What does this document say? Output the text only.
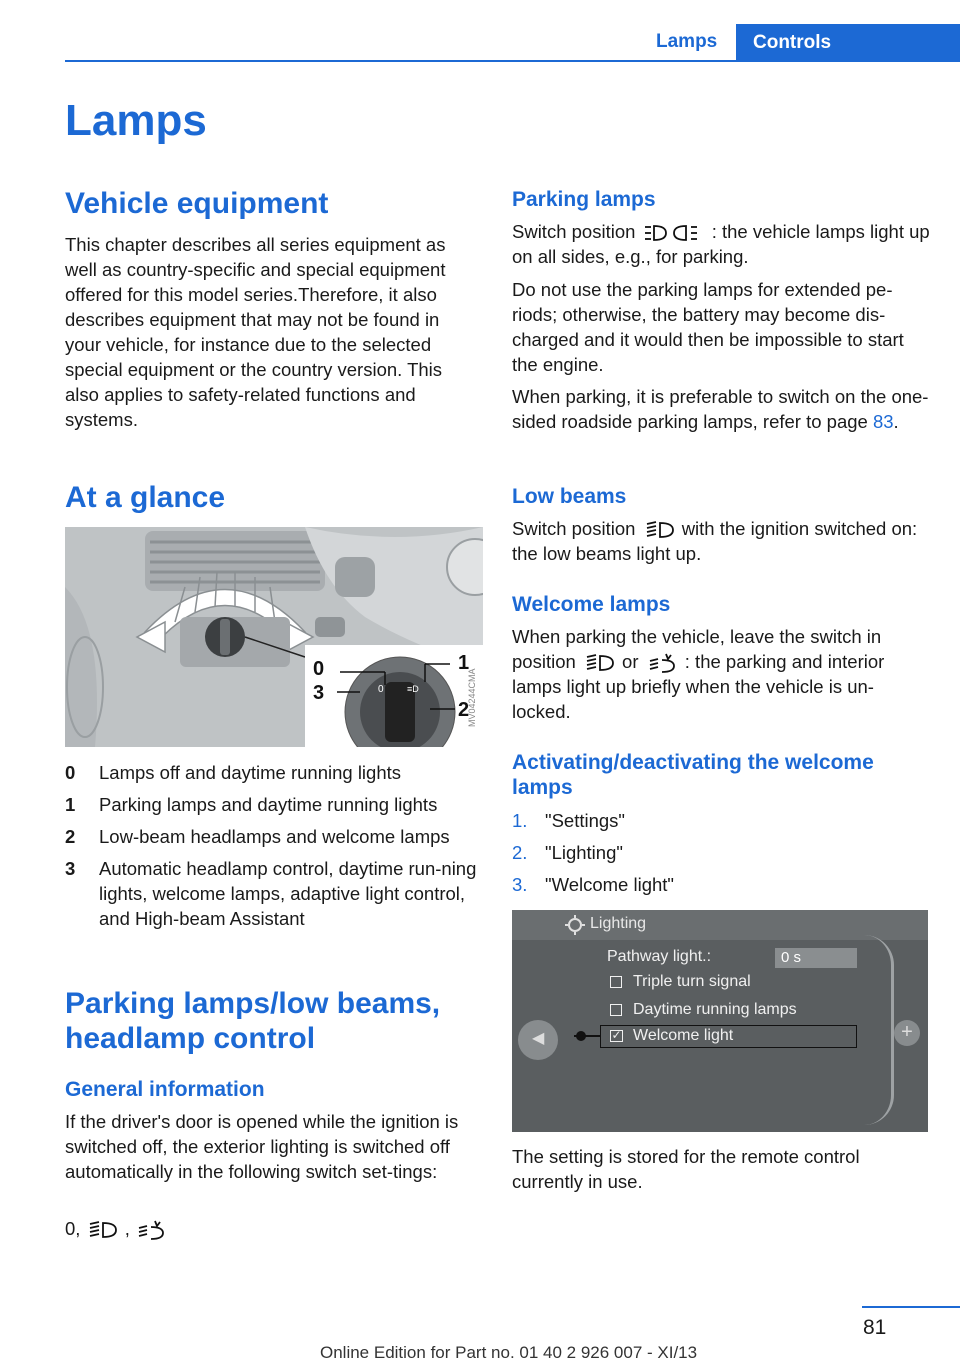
Lamps	Controls
Lamps
Vehicle equipment

This chapter describes all series equipment as well as country-specific and special equipment offered for this model series.Therefore, it also describes equipment that may not be found in your vehicle, for instance due to the selected special equipment or the country version. This also applies to safety-related functions and systems.

At a glance
0	≡D
0
3
1
2
MV04244CMA
0	Lamps off and daytime running lights
1	Parking lamps and daytime running lights
2	Low-beam headlamps and welcome lamps
3	Automatic headlamp control, daytime run-ning lights, welcome lamps, adaptive light control, and High-beam Assistant
Parking lamps/low beams, headlamp control
General information

If the driver's door is opened while the ignition is switched off, the exterior lighting is switched off automatically in the following switch set-tings:

0, ,
Parking lamps

Switch position	: the vehicle lamps light up on all sides, e.g., for parking.

Do not use the parking lamps for extended pe-riods; otherwise, the battery may become dis-charged and it would then be impossible to start the engine.

When parking, it is preferable to switch on the one-sided roadside parking lamps, refer to page 83.

Low beams

Switch position	with the ignition switched on: the low beams light up.

Welcome lamps

When parking the vehicle, leave the switch in position	or	: the parking and interior lamps light up briefly when the vehicle is un-locked.

Activating/deactivating the welcome lamps
1. "Settings"
2. "Lighting"
3. "Welcome light"
Lighting
Pathway light.:	0 s
Triple turn signal
Daytime running lamps
✓ Welcome light
◀	+

The setting is stored for the remote control currently in use.

81
Online Edition for Part no. 01 40 2 926 007 - XI/13
